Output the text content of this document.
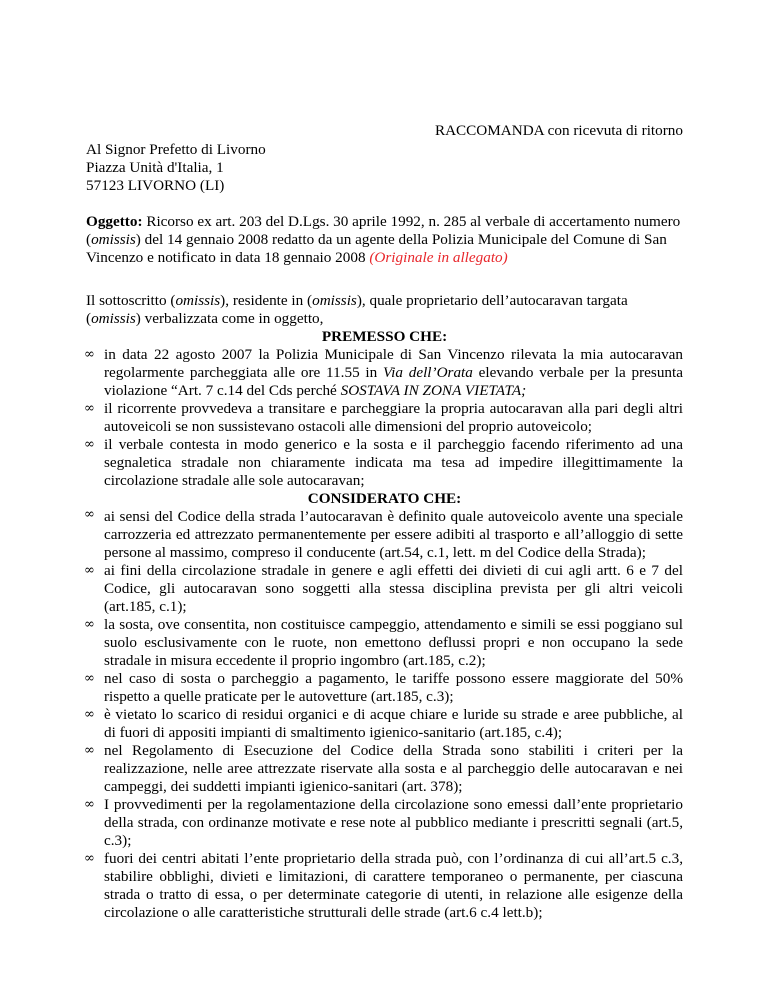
RACCOMANDA con ricevuta di ritorno
Al Signor Prefetto di Livorno
Piazza Unità d'Italia, 1
57123 LIVORNO (LI)
Oggetto: Ricorso ex art. 203 del D.Lgs. 30 aprile 1992, n. 285 al verbale di accertamento numero (omissis) del 14 gennaio 2008 redatto da un agente della Polizia Municipale del Comune di San Vincenzo e notificato in data 18 gennaio 2008 (Originale in allegato)
Il sottoscritto (omissis), residente in (omissis), quale proprietario dell’autocaravan targata (omissis) verbalizzata come in oggetto,
PREMESSO CHE:
∞ in data 22 agosto 2007 la Polizia Municipale di San Vincenzo rilevata la mia autocaravan regolarmente parcheggiata alle ore 11.55 in Via dell’Orata elevando verbale per la presunta violazione “Art. 7 c.14 del Cds perché SOSTAVA IN ZONA VIETATA;
∞ il ricorrente provvedeva a transitare e parcheggiare la propria autocaravan alla pari degli altri autoveicoli se non sussistevano ostacoli alle dimensioni del proprio autoveicolo;
∞ il verbale contesta in modo generico e la sosta e il parcheggio facendo riferimento ad una segnaletica stradale non chiaramente indicata ma tesa ad impedire illegittimamente la circolazione stradale alle sole autocaravan;
CONSIDERATO CHE:
∞ ai sensi del Codice della strada l’autocaravan è definito quale autoveicolo avente una speciale carrozzeria ed attrezzato permanentemente per essere adibiti al trasporto e all’alloggio di sette persone al massimo, compreso il conducente (art.54, c.1, lett. m del Codice della Strada);
∞ ai fini della circolazione stradale in genere e agli effetti dei divieti di cui agli artt. 6 e 7 del Codice, gli autocaravan sono soggetti alla stessa disciplina prevista per gli altri veicoli (art.185, c.1);
∞ la sosta, ove consentita, non costituisce campeggio, attendamento e simili se essi poggiano sul suolo esclusivamente con le ruote, non emettono deflussi propri e non occupano la sede stradale in misura eccedente il proprio ingombro (art.185, c.2);
∞ nel caso di sosta o parcheggio a pagamento, le tariffe possono essere maggiorate del 50% rispetto a quelle praticate per le autovetture (art.185, c.3);
∞ è vietato lo scarico di residui organici e di acque chiare e luride su strade e aree pubbliche, al di fuori di appositi impianti di smaltimento igienico-sanitario (art.185, c.4);
∞ nel Regolamento di Esecuzione del Codice della Strada sono stabiliti i criteri per la realizzazione, nelle aree attrezzate riservate alla sosta e al parcheggio delle autocaravan e nei campeggi, dei suddetti impianti igienico-sanitari (art. 378);
∞ I provvedimenti per la regolamentazione della circolazione sono emessi dall’ente proprietario della strada, con ordinanze motivate e rese note al pubblico mediante i prescritti segnali (art.5, c.3);
∞ fuori dei centri abitati l’ente proprietario della strada può, con l’ordinanza di cui all’art.5 c.3, stabilire obblighi, divieti e limitazioni, di carattere temporaneo o permanente, per ciascuna strada o tratto di essa, o per determinate categorie di utenti, in relazione alle esigenze della circolazione o alle caratteristiche strutturali delle strade (art.6 c.4 lett.b);
